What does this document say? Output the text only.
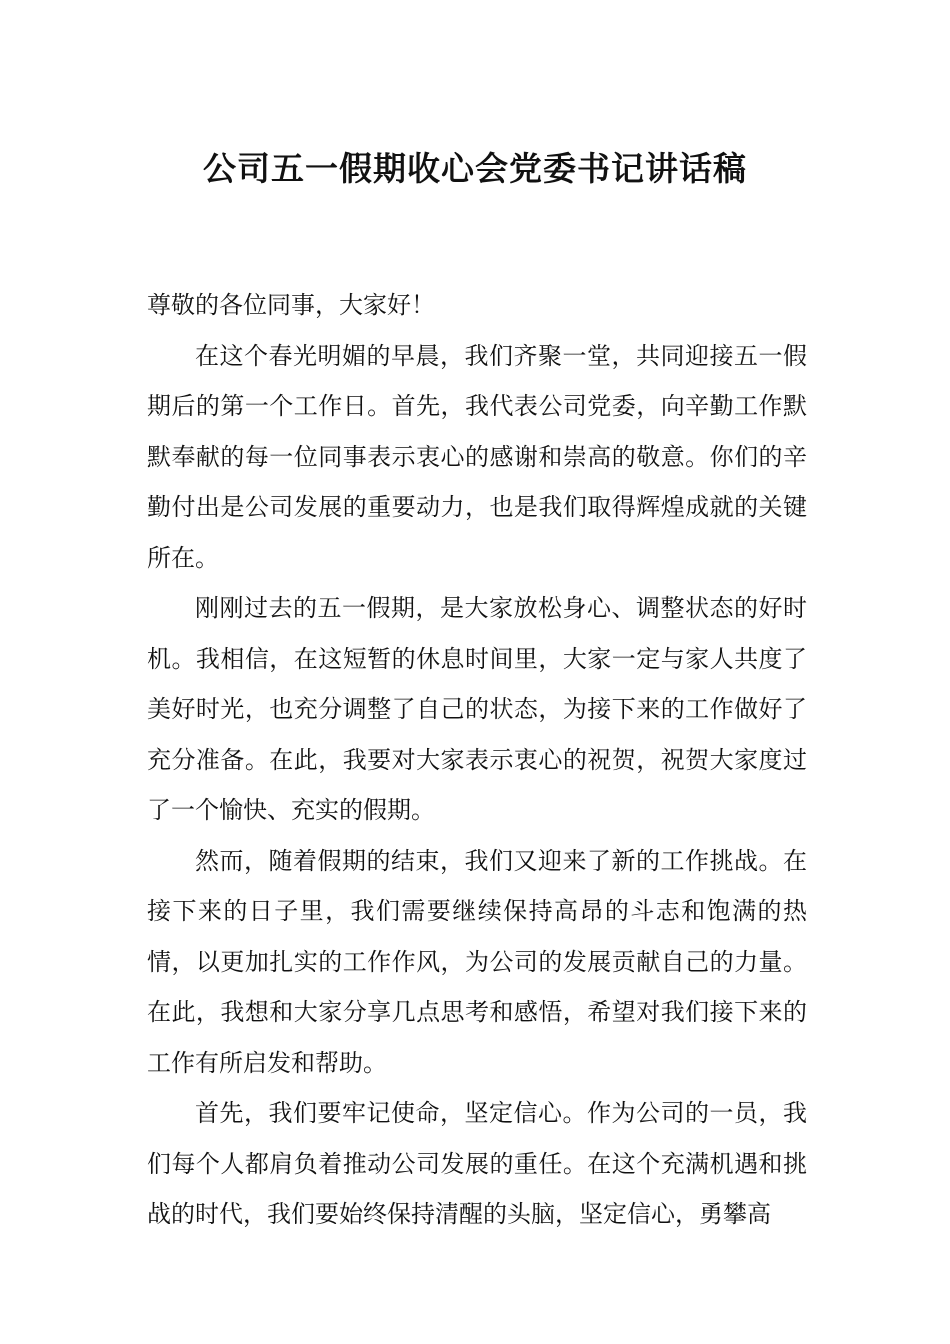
公司五一假期收心会党委书记讲话稿

尊敬的各位同事，大家好！

在这个春光明媚的早晨，我们齐聚一堂，共同迎接五一假期后的第一个工作日。首先，我代表公司党委，向辛勤工作默默奉献的每一位同事表示衷心的感谢和崇高的敬意。你们的辛勤付出是公司发展的重要动力，也是我们取得辉煌成就的关键所在。

刚刚过去的五一假期，是大家放松身心、调整状态的好时机。我相信，在这短暂的休息时间里，大家一定与家人共度了美好时光，也充分调整了自己的状态，为接下来的工作做好了充分准备。在此，我要对大家表示衷心的祝贺，祝贺大家度过了一个愉快、充实的假期。

然而，随着假期的结束，我们又迎来了新的工作挑战。在接下来的日子里，我们需要继续保持高昂的斗志和饱满的热情，以更加扎实的工作作风，为公司的发展贡献自己的力量。在此，我想和大家分享几点思考和感悟，希望对我们接下来的工作有所启发和帮助。

首先，我们要牢记使命，坚定信心。作为公司的一员，我们每个人都肩负着推动公司发展的重任。在这个充满机遇和挑战的时代，我们要始终保持清醒的头脑，坚定信心，勇攀高
